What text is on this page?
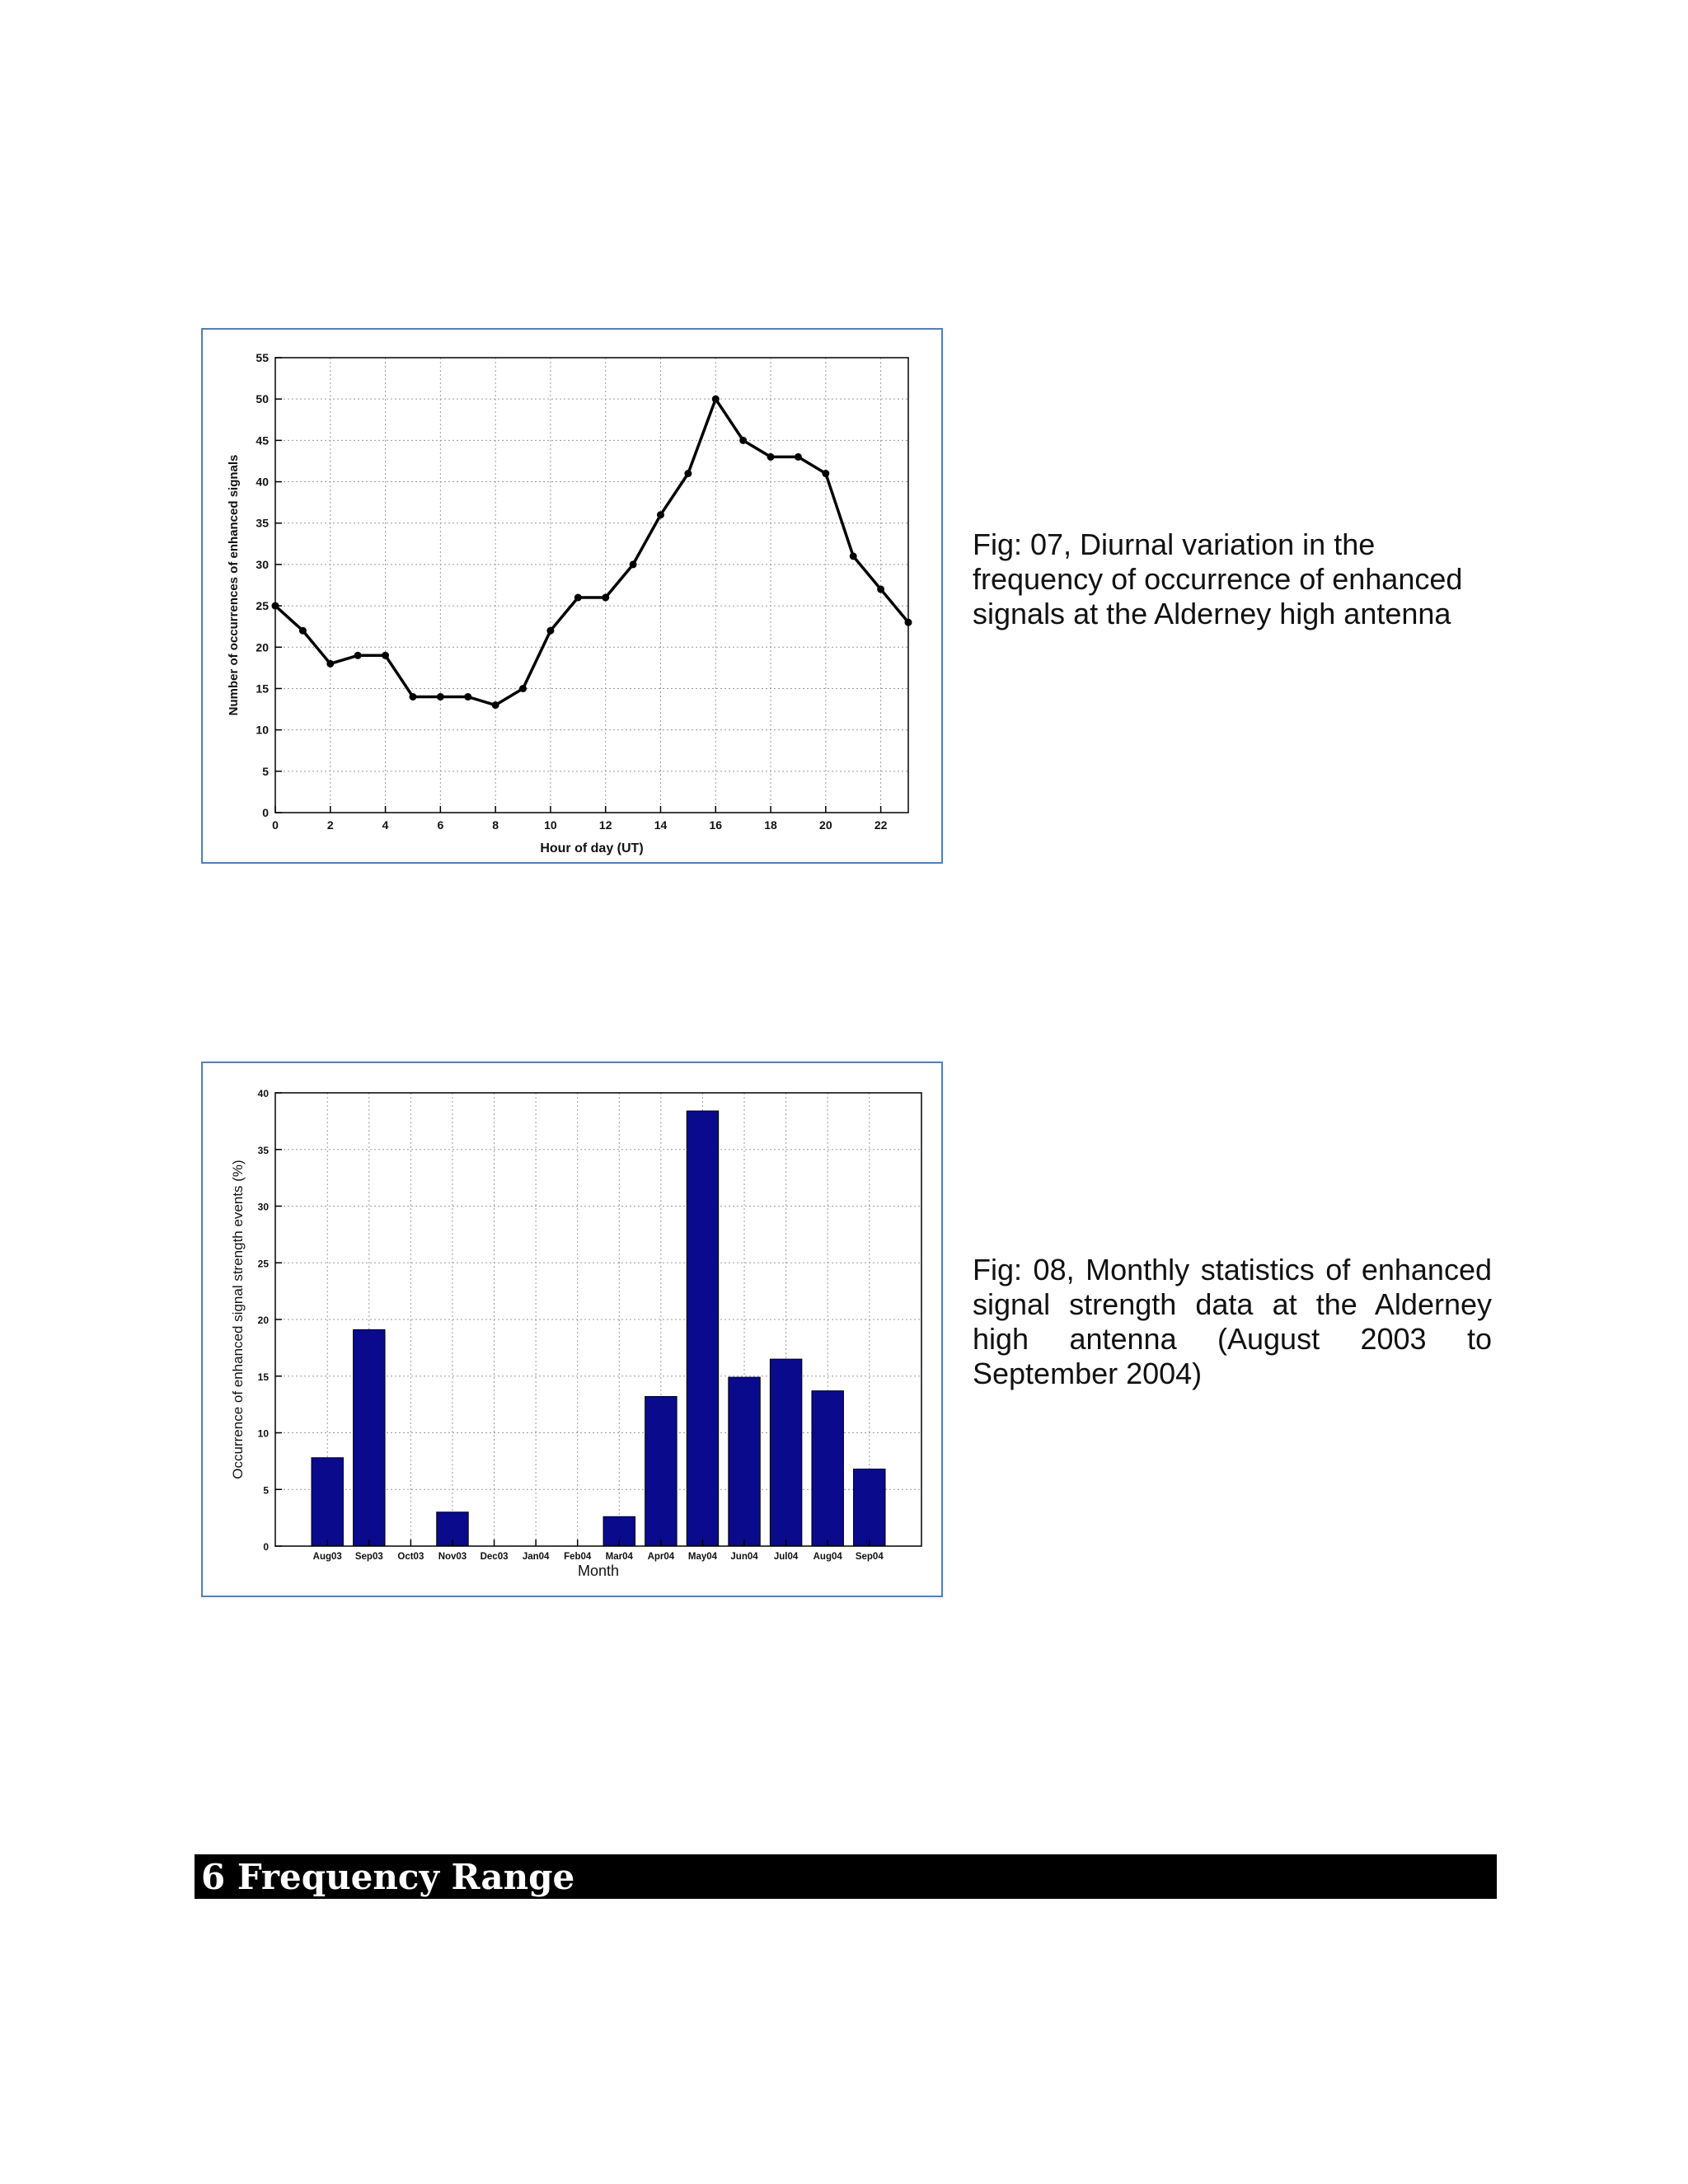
0
5
10
15
20
25
30
35
40
45
50
55
0	2	4	6	8	10	12	14	16	18	20	22
Hour of day (UT)
Number of occurrences of enhanced signals	Fig: 07, Diurnal variation in the frequency of occurrence of enhanced signals at the Alderney high antenna
0
5
10
15
20
25
30
35
40
Aug03 Sep03 Oct03 Nov03 Dec03 Jan04 Feb04 Mar04 Apr04 May04 Jun04 Jul04 Aug04 Sep04
Month
Occurrence of enhanced signal strength events (%)	Fig: 08, Monthly statistics of enhanced signal strength data at the Alderney high antenna (August 2003 to September 2004)
6 Frequency Range
